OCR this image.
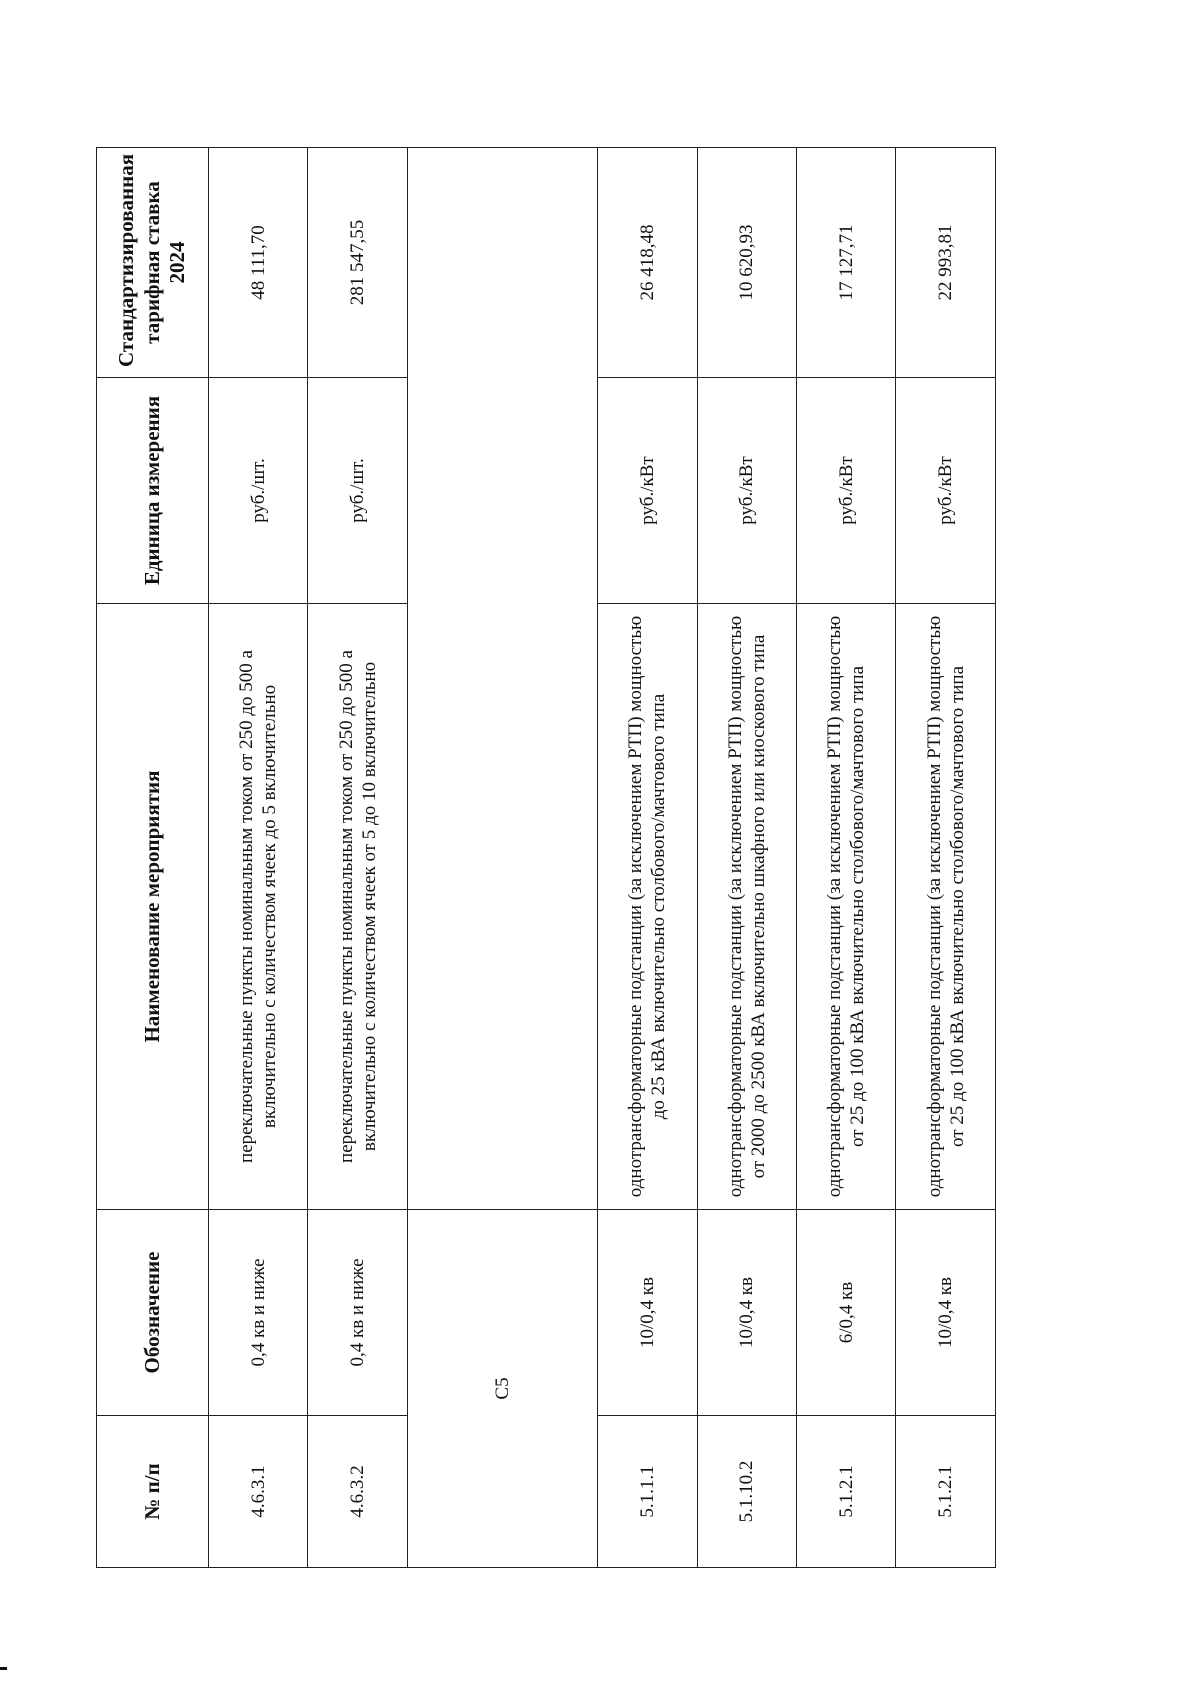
№ п/п	Обозначение	Наименование мероприятия	Единица измерения	Стандартизированная тарифная ставка 2024
4.6.3.1	0,4 кв и ниже	переключательные пункты номинальным током от 250 до 500 а включительно с количеством ячеек до 5 включительно	руб./шт.	48 111,70
4.6.3.2	0,4 кв и ниже	переключательные пункты номинальным током от 250 до 500 а включительно с количеством ячеек от 5 до 10 включительно	руб./шт.	281 547,55
С5				
5.1.1.1	10/0,4 кв	однотрансформаторные подстанции (за исключением РТП) мощностью до 25 кВА включительно столбового/мачтового типа	руб./кВт	26 418,48
5.1.10.2	10/0,4 кв	однотрансформаторные подстанции (за исключением РТП) мощностью от 2000 до 2500 кВА включительно шкафного или киоскового типа	руб./кВт	10 620,93
5.1.2.1	6/0,4 кв	однотрансформаторные подстанции (за исключением РТП) мощностью от 25 до 100 кВА включительно столбового/мачтового типа	руб./кВт	17 127,71
5.1.2.1	10/0,4 кв	однотрансформаторные подстанции (за исключением РТП) мощностью от 25 до 100 кВА включительно столбового/мачтового типа	руб./кВт	22 993,81
